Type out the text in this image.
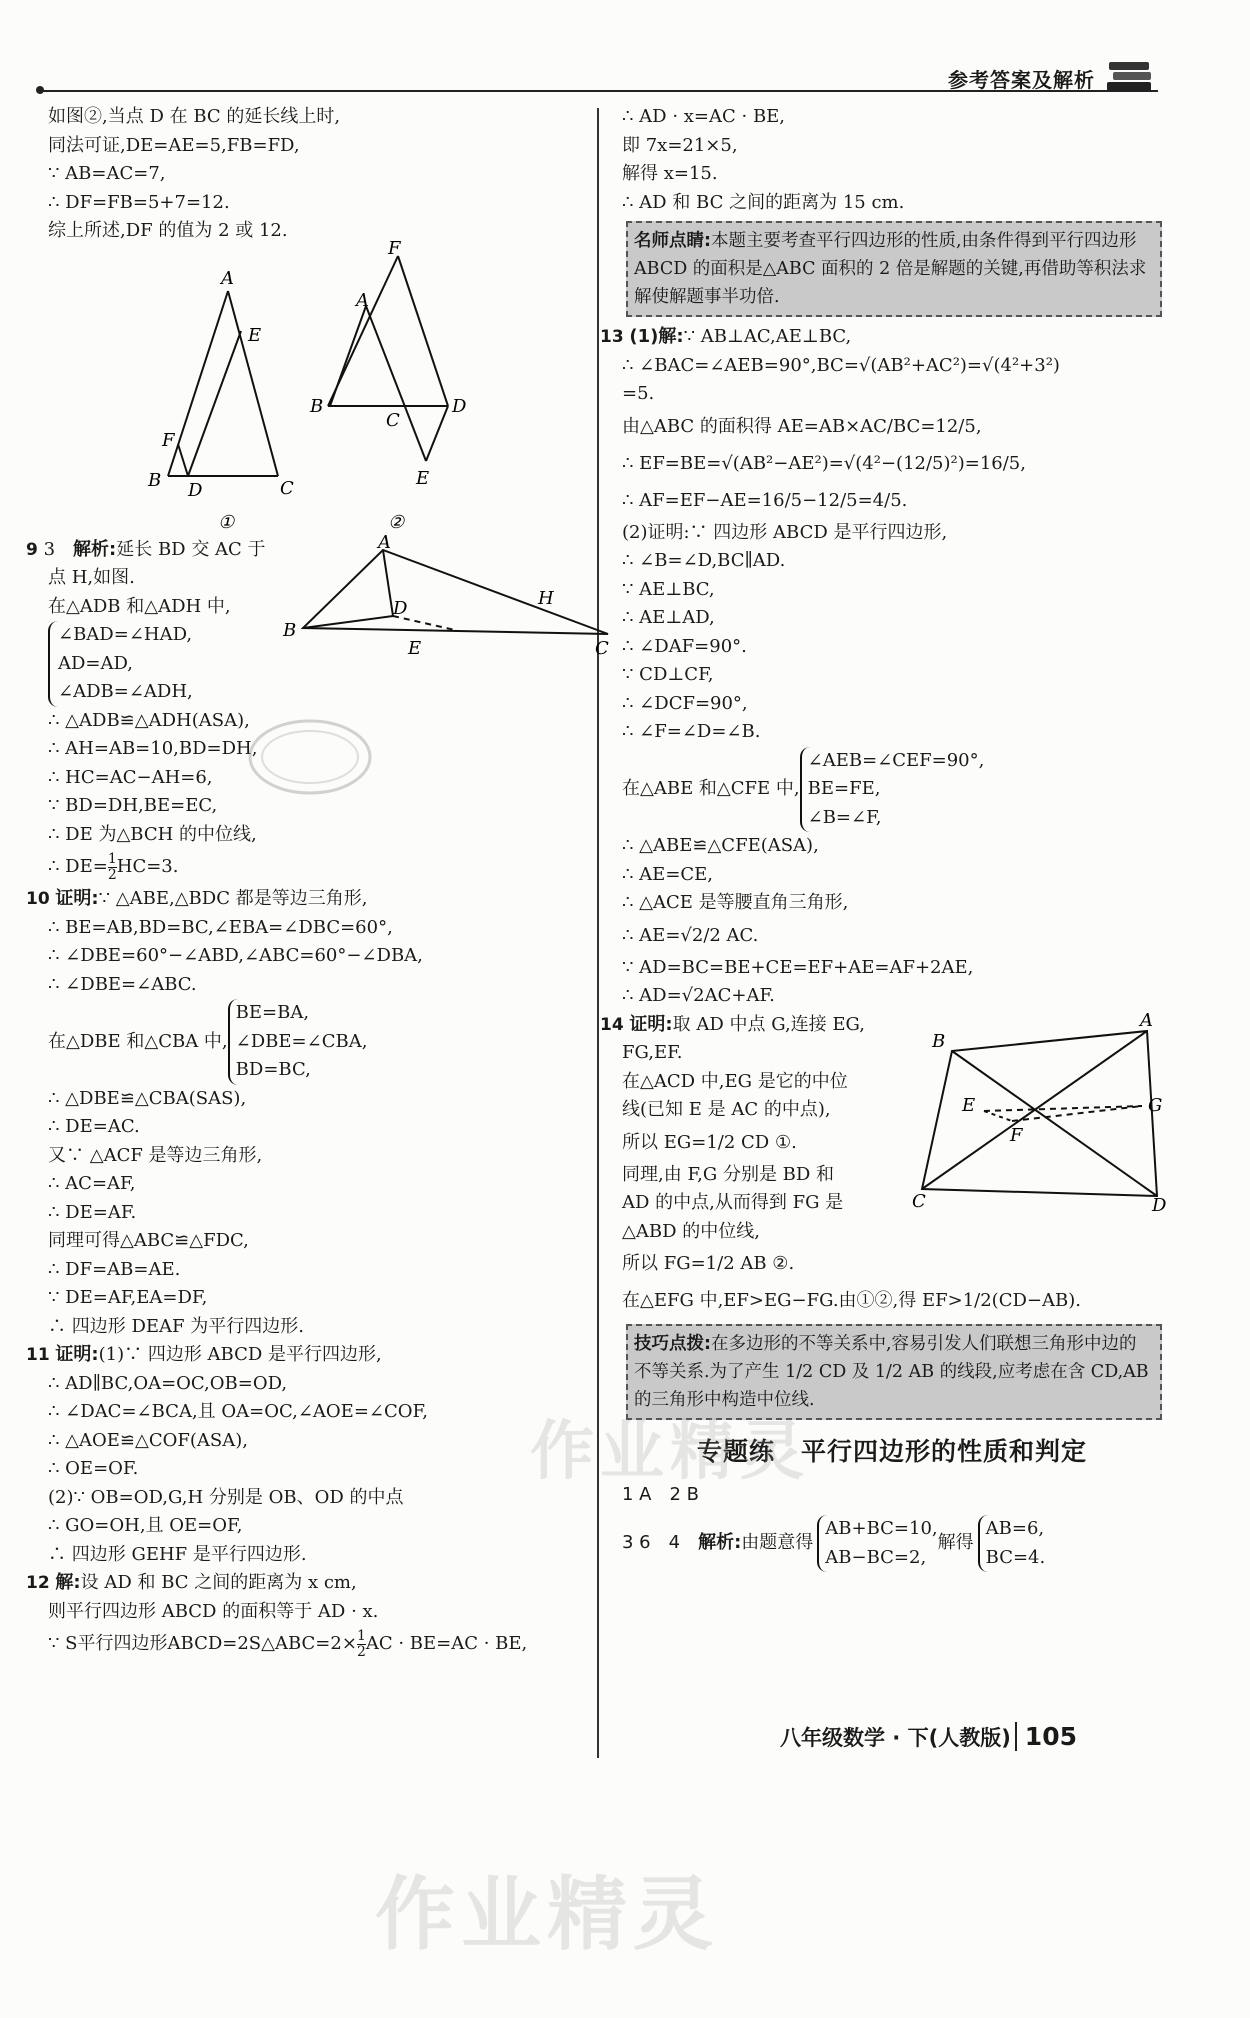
参考答案及解析
如图②,当点 D 在 BC 的延长线上时,
同法可证,DE=AE=5,FB=FD,
∵ AB=AC=7,
∴ DF=FB=5+7=12.
综上所述,DF 的值为 2 或 12.
A
E
F
B D	C
①
F
A
B
C
D
E
②
A
H
D
B
E	C
9 3　 解析:延长 BD 交 AC 于
点 H,如图.
在△ADB 和△ADH 中,
∠BAD=∠HAD,
AD=AD,
∠ADB=∠ADH,
∴ △ADB≌△ADH(ASA),
∴ AH=AB=10,BD=DH,
∴ HC=AC−AH=6,
∵ BD=DH,BE=EC,
∴ DE 为△BCH 的中位线,
∴ $DE= \frac{1}{2} HC=3$.
10 证明:∵ △ABE,△BDC 都是等边三角形,
∴ BE=AB,BD=BC,∠EBA=∠DBC=60°,
∴ ∠DBE=60°−∠ABD,∠ABC=60°−∠DBA,
∴ ∠DBE=∠ABC.
在△DBE 和△CBA 中,
BE=BA,
∠DBE=∠CBA,
BD=BC,
∴ △DBE≌△CBA(SAS),
∴ DE=AC.
又∵ △ACF 是等边三角形,
∴ AC=AF,
∴ DE=AF.
同理可得△ABC≌△FDC,
∴ DF=AB=AE.
∵ DE=AF,EA=DF,
∴ 四边形 DEAF 为平行四边形.
11 证明:(1)∵ 四边形 ABCD 是平行四边形,
∴ AD∥BC,OA=OC,OB=OD,
∴ ∠DAC=∠BCA,且 OA=OC,∠AOE=∠COF,
∴ △AOE≌△COF(ASA),
∴ OE=OF.
(2)∵ OB=OD,G,H 分别是 OB、OD 的中点
∴ GO=OH,且 OE=OF,
∴ 四边形 GEHF 是平行四边形.
12 解:设 AD 和 BC 之间的距离为 x cm,
则平行四边形 ABCD 的面积等于 AD · x.
∵ S平行四边形ABCD=2S△ABC=2× $\frac{1}{2}$ AC · BE=AC · BE,
∴ AD · x=AC · BE,
即 7x=21×5,
解得 x=15.
∴ AD 和 BC 之间的距离为 15 cm.
名师点睛:本题主要考查平行四边形的性质,由条件得到平行四边形 ABCD 的面积是△ABC 面积的 2 倍是解题的关键,再借助等积法求解使解题事半功倍.
13 (1)解:∵ AB⊥AC,AE⊥BC,
∴ ∠BAC=∠AEB=90°,BC=√(AB²+AC²)=√(4²+3²)
=5.
由△ABC 的面积得 AE=AB×AC/BC=12/5,
∴ EF=BE=√(AB²−AE²)=√(4²−(12/5)²)=16/5,
∴ AF=EF−AE=16/5−12/5=4/5.
(2)证明:∵ 四边形 ABCD 是平行四边形,
∴ ∠B=∠D,BC∥AD.
∵ AE⊥BC,
∴ AE⊥AD,
∴ ∠DAF=90°.
∵ CD⊥CF,
∴ ∠DCF=90°,
∴ ∠F=∠D=∠B.
在△ABE 和△CFE 中,
∠AEB=∠CEF=90°,
BE=FE,
∠B=∠F,
∴ △ABE≌△CFE(ASA),
∴ AE=CE,
∴ △ACE 是等腰直角三角形,
∴ AE=√2/2 AC.
∵ AD=BC=BE+CE=EF+AE=AF+2AE,
∴ AD=√2AC+AF.
A
B
E	G
F
C	D
14 证明:取 AD 中点 G,连接 EG,
FG,EF.
在△ACD 中,EG 是它的中位
线(已知 E 是 AC 的中点),
所以 EG=1/2 CD ①.
同理,由 F,G 分别是 BD 和
AD 的中点,从而得到 FG 是
△ABD 的中位线,
所以 FG=1/2 AB ②.
在△EFG 中,EF>EG−FG.由①②,得 EF>1/2(CD−AB).
技巧点拨:在多边形的不等关系中,容易引发人们联想三角形中边的不等关系.为了产生 1/2 CD 及 1/2 AB 的线段,应考虑在含 CD,AB 的三角形中构造中位线.
专题练　平行四边形的性质和判定
1 A　2 B
3 6　4
　 解析: 由题意得
AB+BC=10,
AB−BC=2,
解得
AB=6,
BC=4.
八年级数学 · 下(人教版) 105
作业精灵
作业精灵
